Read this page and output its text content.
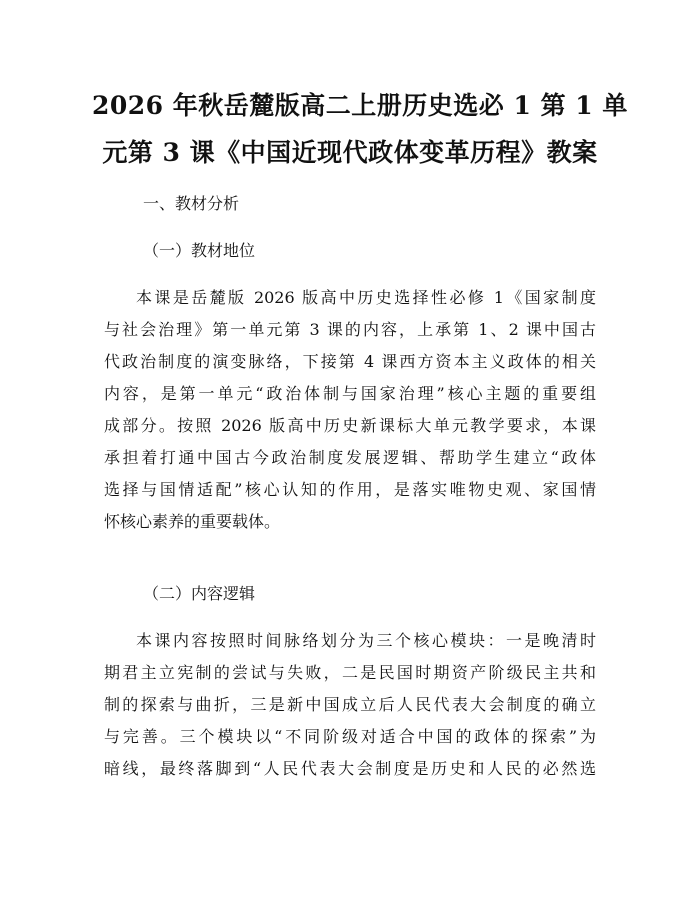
2026 年秋岳麓版高二上册历史选必 1 第 1 单
元第 3 课《中国近现代政体变革历程》教案

一、教材分析

（一）教材地位

本课是岳麓版 2026 版高中历史选择性必修 1《国家制度

与社会治理》第一单元第 3 课的内容，上承第 1、2 课中国古

代政治制度的演变脉络，下接第 4 课西方资本主义政体的相关

内容，是第一单元“政治体制与国家治理”核心主题的重要组

成部分。按照 2026 版高中历史新课标大单元教学要求，本课

承担着打通中国古今政治制度发展逻辑、帮助学生建立“政体

选择与国情适配”核心认知的作用，是落实唯物史观、家国情

怀核心素养的重要载体。

（二）内容逻辑

本课内容按照时间脉络划分为三个核心模块：一是晚清时

期君主立宪制的尝试与失败，二是民国时期资产阶级民主共和

制的探索与曲折，三是新中国成立后人民代表大会制度的确立

与完善。三个模块以“不同阶级对适合中国的政体的探索”为

暗线，最终落脚到“人民代表大会制度是历史和人民的必然选
